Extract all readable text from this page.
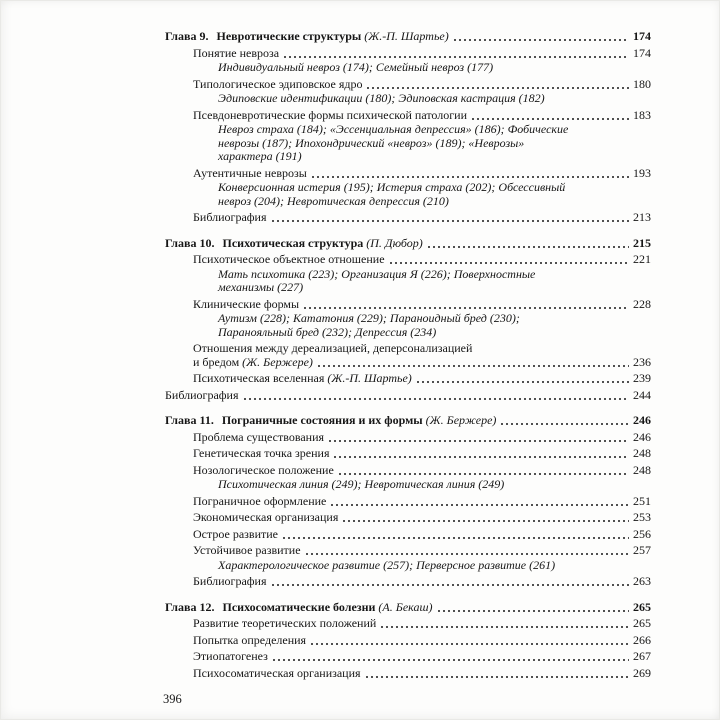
Глава 9. Невротические структуры (Ж.-П. Шартье)	174
Понятие невроза	174
Индивидуальный невроз (174); Семейный невроз (177)
Типологическое эдиповское ядро	180
Эдиповские идентификации (180); Эдиповская кастрация (182)
Псевдоневротические формы психической патологии	183
Невроз страха (184); «Эссенциальная депрессия» (186); Фобические
неврозы (187); Ипохондрический «невроз» (189); «Неврозы»
характера (191)
Аутентичные неврозы	193
Конверсионная истерия (195); Истерия страха (202); Обсессивный
невроз (204); Невротическая депрессия (210)
Библиография	213
Глава 10. Психотическая структура (П. Дюбор)	215
Психотическое объектное отношение	221
Мать психотика (223); Организация Я (226); Поверхностные
механизмы (227)
Клинические формы	228
Аутизм (228); Кататония (229); Параноидный бред (230);
Паранояльный бред (232); Депрессия (234)
Отношения между дереализацией, деперсонализацией
и бредом (Ж. Бержере)	236
Психотическая вселенная (Ж.-П. Шартье)	239
Библиография	244
Глава 11. Пограничные состояния и их формы (Ж. Бержере)	246
Проблема существования	246
Генетическая точка зрения	248
Нозологическое положение	248
Психотическая линия (249); Невротическая линия (249)
Пограничное оформление	251
Экономическая организация	253
Острое развитие	256
Устойчивое развитие	257
Характерологическое развитие (257); Перверсное развитие (261)
Библиография	263
Глава 12. Психосоматические болезни (А. Бекаш)	265
Развитие теоретических положений	265
Попытка определения	266
Этиопатогенез	267
Психосоматическая организация	269
396
